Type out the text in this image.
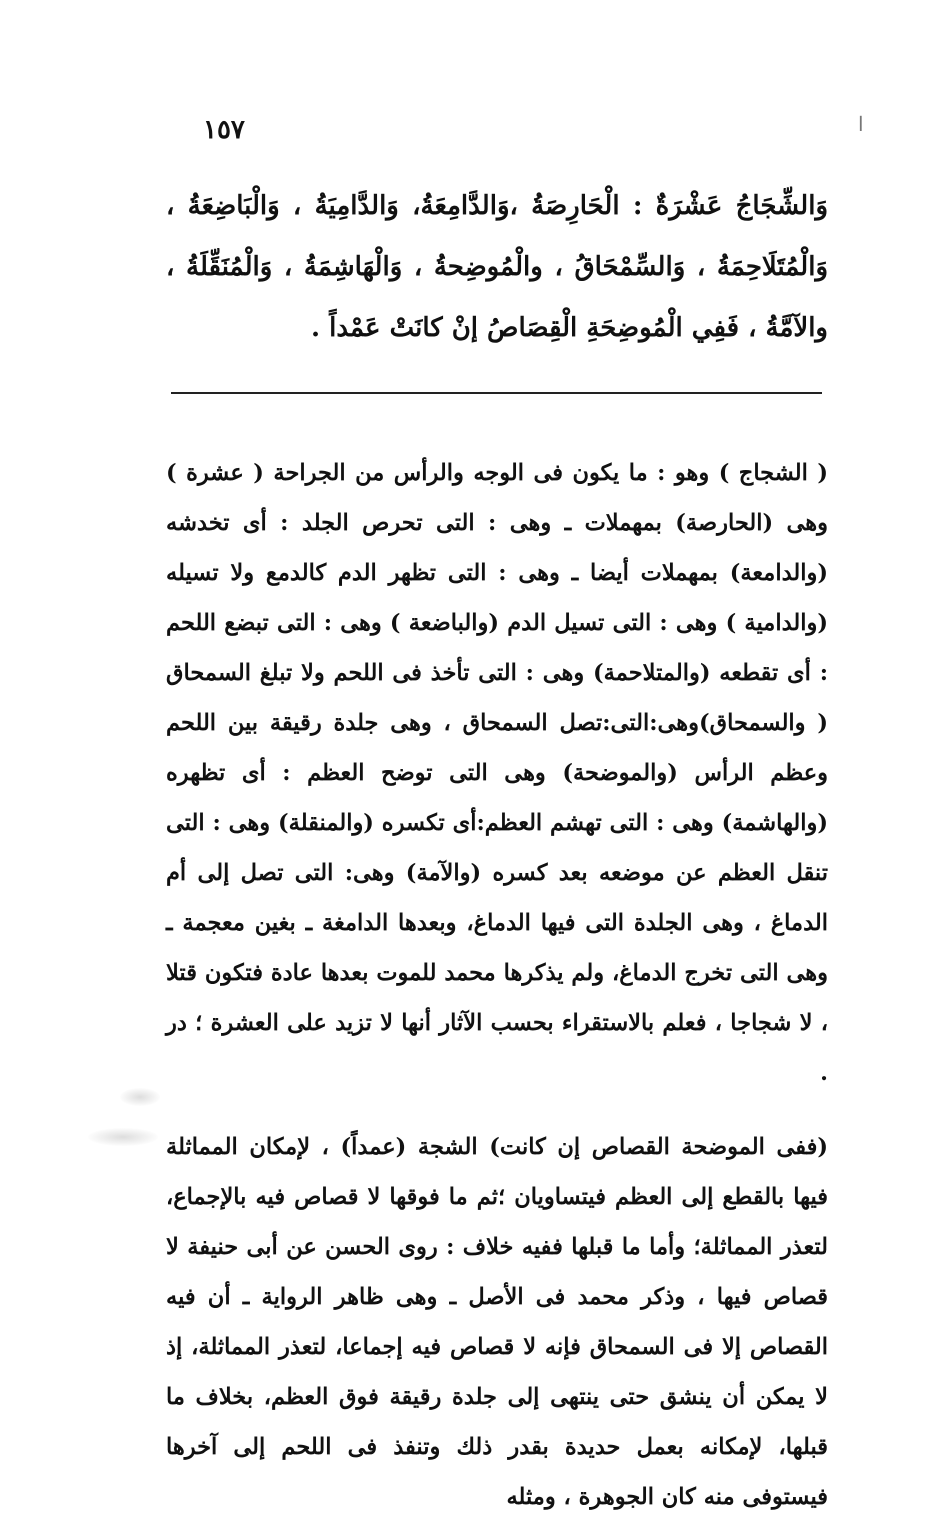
ا
١٥٧
وَالشِّجَاجُ عَشْرَةٌ : الْحَارِصَةُ ،وَالدَّامِعَةُ، وَالدَّامِيَةُ ، وَالْبَاضِعَةُ ، وَالْمُتَلَاحِمَةُ ، وَالسِّمْحَاقُ ، والْمُوضِحةُ ، وَالْهَاشِمَةُ ، وَالْمُنَقِّلَةُ ، والآمَّةُ ، فَفِي الْمُوضِحَةِ الْقِصَاصُ إنْ كانَتْ عَمْداً .

( الشجاج ) وهو : ما يكون فى الوجه والرأس من الجراحة ( عشرة ) وهى (الحارصة) بمهملات ـ وهى : التى تحرص الجلد : أى تخدشه (والدامعة) بمهملات أيضا ـ وهى : التى تظهر الدم كالدمع ولا تسيله (والدامية ) وهى : التى تسيل الدم (والباضعة ) وهى : التى تبضع اللحم : أى تقطعه (والمتلاحمة) وهى : التى تأخذ فى اللحم ولا تبلغ السمحاق ( والسمحاق)وهى:التى:تصل السمحاق ، وهى جلدة رقيقة بين اللحم وعظم الرأس (والموضحة) وهى التى توضح العظم : أى تظهره (والهاشمة) وهى : التى تهشم العظم:أى تكسره (والمنقلة) وهى : التى تنقل العظم عن موضعه بعد كسره (والآمة) وهى: التى تصل إلى أم الدماغ ، وهى الجلدة التى فيها الدماغ، وبعدها الدامغة ـ بغين معجمة ـ وهى التى تخرج الدماغ، ولم يذكرها محمد للموت بعدها عادة فتكون قتلا ، لا شجاجا ، فعلم بالاستقراء بحسب الآثار أنها لا تزيد على العشرة ؛ در .

(ففى الموضحة القصاص إن كانت) الشجة (عمداً) ، لإمكان المماثلة فيها بالقطع إلى العظم فيتساويان ؛ثم ما فوقها لا قصاص فيه بالإجماع، لتعذر المماثلة؛ وأما ما قبلها ففيه خلاف : روى الحسن عن أبى حنيفة لا قصاص فيها ، وذكر محمد فى الأصل ـ وهى ظاهر الرواية ـ أن فيه القصاص إلا فى السمحاق فإنه لا قصاص فيه إجماعا، لتعذر المماثلة، إذ لا يمكن أن ينشق حتى ينتهى إلى جلدة رقيقة فوق العظم، بخلاف ما قبلها، لإمكانه بعمل حديدة بقدر ذلك وتنفذ فى اللحم إلى آخرها فيستوفى منه كان الجوهرة ، ومثله
